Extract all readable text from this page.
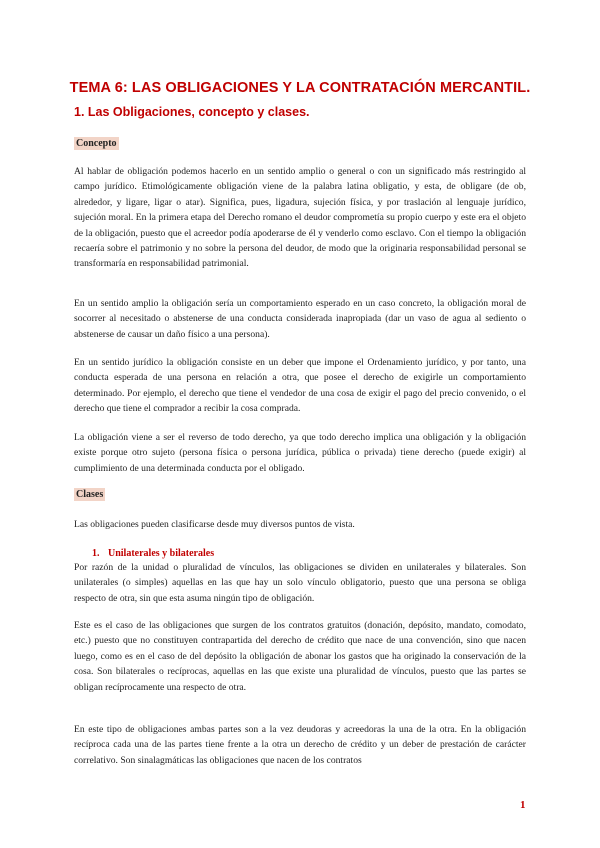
TEMA 6: LAS OBLIGACIONES Y LA CONTRATACIÓN MERCANTIL.
1. Las Obligaciones, concepto y clases.
Concepto

Al hablar de obligación podemos hacerlo en un sentido amplio o general o con un significado más restringido al campo jurídico. Etimológicamente obligación viene de la palabra latina obligatio, y esta, de obligare (de ob, alrededor, y ligare, ligar o atar). Significa, pues, ligadura, sujeción física, y por traslación al lenguaje jurídico, sujeción moral. En la primera etapa del Derecho romano el deudor comprometía su propio cuerpo y este era el objeto de la obligación, puesto que el acreedor podía apoderarse de él y venderlo como esclavo. Con el tiempo la obligación recaería sobre el patrimonio y no sobre la persona del deudor, de modo que la originaria responsabilidad personal se transformaría en responsabilidad patrimonial.

En un sentido amplio la obligación sería un comportamiento esperado en un caso concreto, la obligación moral de socorrer al necesitado o abstenerse de una conducta considerada inapropiada (dar un vaso de agua al sediento o abstenerse de causar un daño físico a una persona).

En un sentido jurídico la obligación consiste en un deber que impone el Ordenamiento jurídico, y por tanto, una conducta esperada de una persona en relación a otra, que posee el derecho de exigirle un comportamiento determinado. Por ejemplo, el derecho que tiene el vendedor de una cosa de exigir el pago del precio convenido, o el derecho que tiene el comprador a recibir la cosa comprada.

La obligación viene a ser el reverso de todo derecho, ya que todo derecho implica una obligación y la obligación existe porque otro sujeto (persona física o persona jurídica, pública o privada) tiene derecho (puede exigir) al cumplimiento de una determinada conducta por el obligado.

Clases

Las obligaciones pueden clasificarse desde muy diversos puntos de vista.

1. Unilaterales y bilaterales

Por razón de la unidad o pluralidad de vínculos, las obligaciones se dividen en unilaterales y bilaterales. Son unilaterales (o simples) aquellas en las que hay un solo vínculo obligatorio, puesto que una persona se obliga respecto de otra, sin que esta asuma ningún tipo de obligación.

Este es el caso de las obligaciones que surgen de los contratos gratuitos (donación, depósito, mandato, comodato, etc.) puesto que no constituyen contrapartida del derecho de crédito que nace de una convención, sino que nacen luego, como es en el caso de del depósito la obligación de abonar los gastos que ha originado la conservación de la cosa. Son bilaterales o recíprocas, aquellas en las que existe una pluralidad de vínculos, puesto que las partes se obligan recíprocamente una respecto de otra.

En este tipo de obligaciones ambas partes son a la vez deudoras y acreedoras la una de la otra. En la obligación recíproca cada una de las partes tiene frente a la otra un derecho de crédito y un deber de prestación de carácter correlativo. Son sinalagmáticas las obligaciones que nacen de los contratos

1
